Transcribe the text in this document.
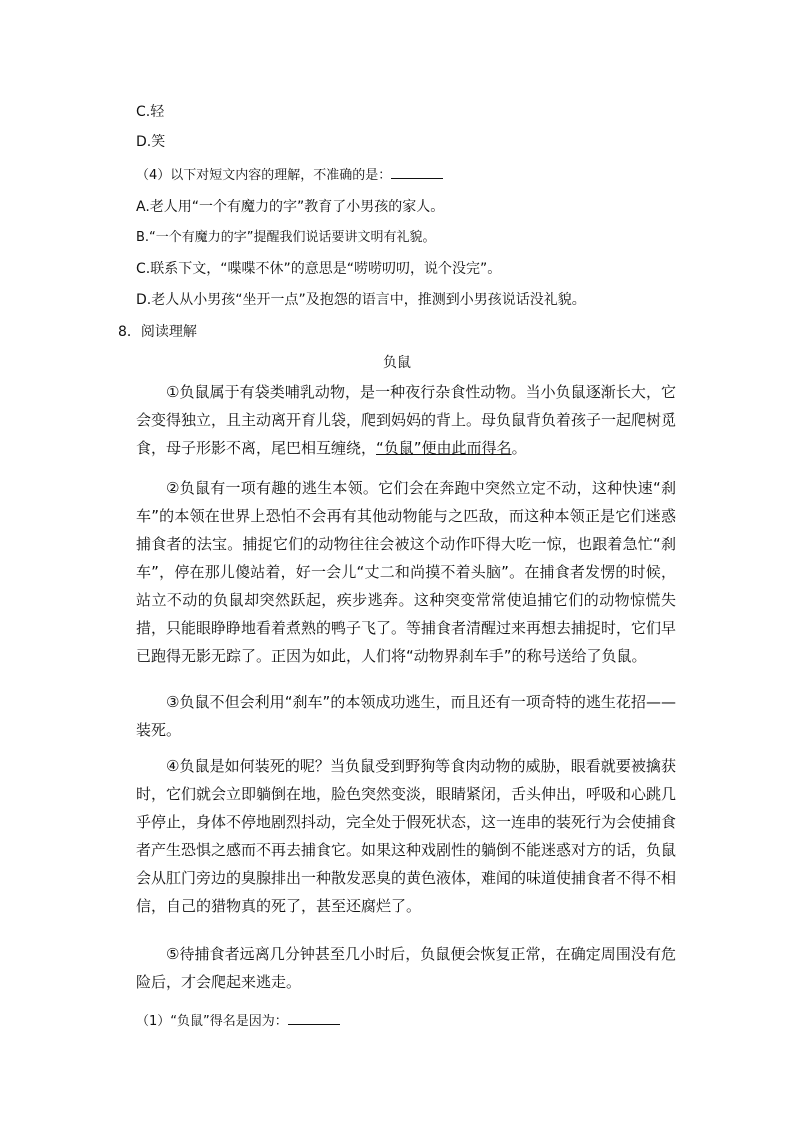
C.轻
D.笑
（4）以下对短文内容的理解，不准确的是：
A.老人用“一个有魔力的字”教育了小男孩的家人。
B.“一个有魔力的字”提醒我们说话要讲文明有礼貌。
C.联系下文，“喋喋不休”的意思是“唠唠叨叨，说个没完”。
D.老人从小男孩“坐开一点”及抱怨的语言中，推测到小男孩说话没礼貌。
8．阅读理解
负鼠

①负鼠属于有袋类哺乳动物，是一种夜行杂食性动物。当小负鼠逐渐长大，它会变得独立，且主动离开育儿袋，爬到妈妈的背上。母负鼠背负着孩子一起爬树觅食，母子形影不离，尾巴相互缠绕，“负鼠”便由此而得名。

②负鼠有一项有趣的逃生本领。它们会在奔跑中突然立定不动，这种快速“刹车”的本领在世界上恐怕不会再有其他动物能与之匹敌，而这种本领正是它们迷惑捕食者的法宝。捕捉它们的动物往往会被这个动作吓得大吃一惊，也跟着急忙“刹车”，停在那儿傻站着，好一会儿“丈二和尚摸不着头脑”。在捕食者发愣的时候，站立不动的负鼠却突然跃起，疾步逃奔。这种突变常常使追捕它们的动物惊慌失措，只能眼睁睁地看着煮熟的鸭子飞了。等捕食者清醒过来再想去捕捉时，它们早已跑得无影无踪了。正因为如此，人们将“动物界刹车手”的称号送给了负鼠。

③负鼠不但会利用“刹车”的本领成功逃生，而且还有一项奇特的逃生花招——装死。

④负鼠是如何装死的呢？当负鼠受到野狗等食肉动物的威胁，眼看就要被擒获时，它们就会立即躺倒在地，脸色突然变淡，眼睛紧闭，舌头伸出，呼吸和心跳几乎停止，身体不停地剧烈抖动，完全处于假死状态，这一连串的装死行为会使捕食者产生恐惧之感而不再去捕食它。如果这种戏剧性的躺倒不能迷惑对方的话，负鼠会从肛门旁边的臭腺排出一种散发恶臭的黄色液体，难闻的味道使捕食者不得不相信，自己的猎物真的死了，甚至还腐烂了。

⑤待捕食者远离几分钟甚至几小时后，负鼠便会恢复正常，在确定周围没有危险后，才会爬起来逃走。

（1）“负鼠”得名是因为：
